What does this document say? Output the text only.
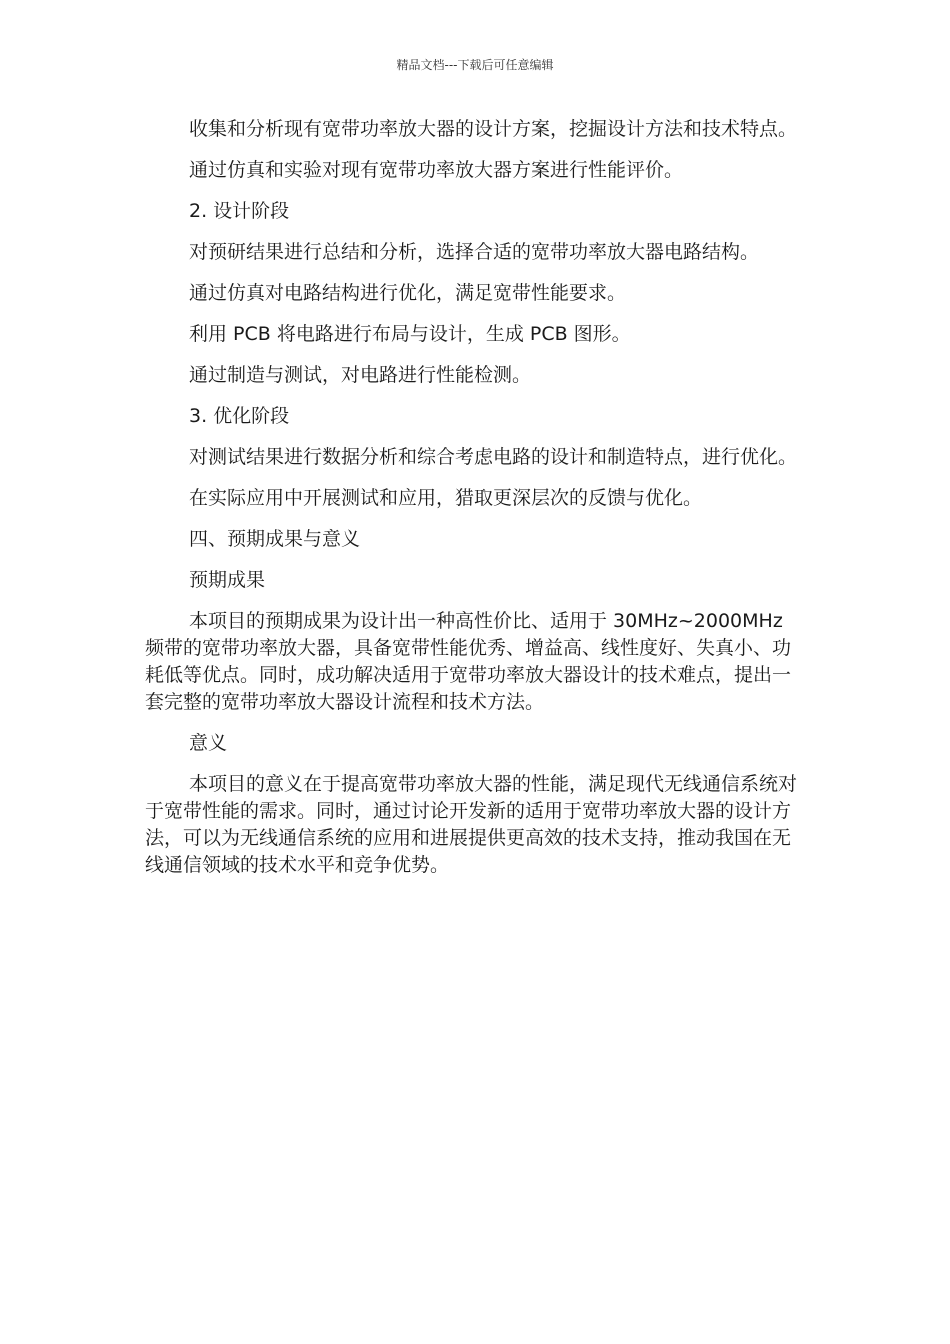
精品文档---下载后可任意编辑

收集和分析现有宽带功率放大器的设计方案，挖掘设计方法和技术特点。

通过仿真和实验对现有宽带功率放大器方案进行性能评价。

2. 设计阶段

对预研结果进行总结和分析，选择合适的宽带功率放大器电路结构。

通过仿真对电路结构进行优化，满足宽带性能要求。

利用 PCB 将电路进行布局与设计，生成 PCB 图形。

通过制造与测试，对电路进行性能检测。

3. 优化阶段

对测试结果进行数据分析和综合考虑电路的设计和制造特点，进行优化。

在实际应用中开展测试和应用，猎取更深层次的反馈与优化。

四、预期成果与意义

预期成果

本项目的预期成果为设计出一种高性价比、适用于 30MHz~2000MHz 频带的宽带功率放大器，具备宽带性能优秀、增益高、线性度好、失真小、功耗低等优点。同时，成功解决适用于宽带功率放大器设计的技术难点，提出一套完整的宽带功率放大器设计流程和技术方法。

意义

本项目的意义在于提高宽带功率放大器的性能，满足现代无线通信系统对于宽带性能的需求。同时，通过讨论开发新的适用于宽带功率放大器的设计方法，可以为无线通信系统的应用和进展提供更高效的技术支持，推动我国在无线通信领域的技术水平和竞争优势。
